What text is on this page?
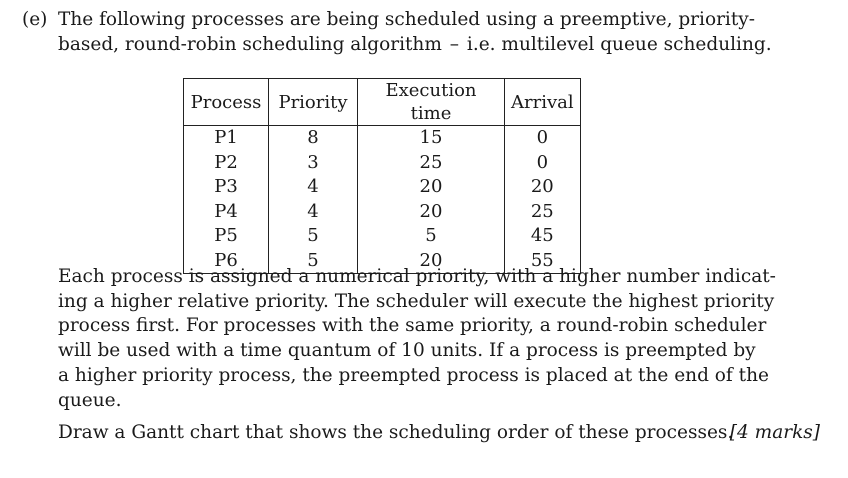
(e) The following processes are being scheduled using a preemptive, priority-
based, round-robin scheduling algorithm – i.e. multilevel queue scheduling.
Process	Priority	Execution time	Arrival
P1	8	15	0
P2	3	25	0
P3	4	20	20
P4	4	20	25
P5	5	5	45
P6	5	20	55
Each process is assigned a numerical priority, with a higher number indicat-
ing a higher relative priority. The scheduler will execute the highest priority
process first. For processes with the same priority, a round-robin scheduler
will be used with a time quantum of 10 units. If a process is preempted by
a higher priority process, the preempted process is placed at the end of the
queue.
Draw a Gantt chart that shows the scheduling order of these processes.
[4 marks]
